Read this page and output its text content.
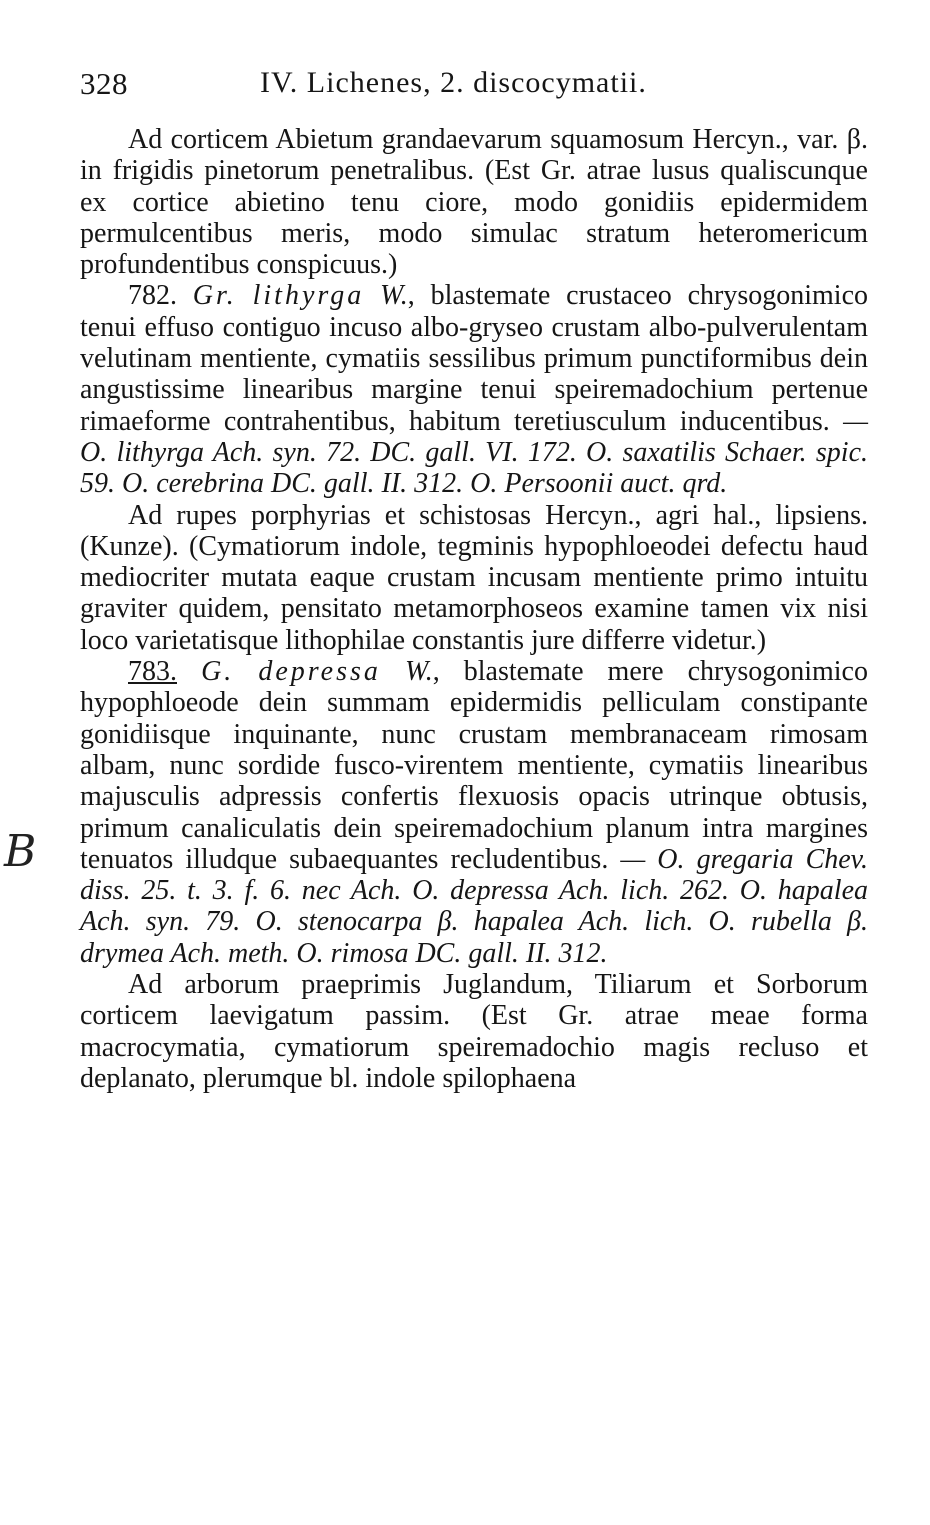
328	IV. Lichenes, 2. discocymatii.
B

Ad corticem Abietum grandaevarum squamosum Hercyn., var. β. in frigidis pinetorum penetralibus. (Est Gr. atrae lusus qualiscunque ex cortice abietino tenu ciore, modo gonidiis epidermidem permulcentibus meris, modo simulac stratum heteromericum profundentibus conspicuus.)

782. Gr. lithyrga W., blastemate crustaceo chrysogonimico tenui effuso contiguo incuso albo-gryseo crustam albo-pulverulentam velutinam mentiente, cymatiis sessilibus primum punctiformibus dein angustissime linearibus margine tenui speiremadochium pertenue rimaeforme contrahentibus, habitum teretiusculum inducentibus. — O. lithyrga Ach. syn. 72. DC. gall. VI. 172. O. saxatilis Schaer. spic. 59. O. cerebrina DC. gall. II. 312. O. Persoonii auct. qrd.

Ad rupes porphyrias et schistosas Hercyn., agri hal., lipsiens. (Kunze). (Cymatiorum indole, tegminis hypophloeodei defectu haud mediocriter mutata eaque crustam incusam mentiente primo intuitu graviter quidem, pensitato metamorphoseos examine tamen vix nisi loco varietatisque lithophilae constantis jure differre videtur.)

783. G. depressa W., blastemate mere chrysogonimico hypophloeode dein summam epidermidis pelliculam constipante gonidiisque inquinante, nunc crustam membranaceam rimosam albam, nunc sordide fusco-virentem mentiente, cymatiis linearibus majusculis adpressis confertis flexuosis opacis utrinque obtusis, primum canaliculatis dein speiremadochium planum intra margines tenuatos illudque subaequantes recludentibus. — O. gregaria Chev. diss. 25. t. 3. f. 6. nec Ach. O. depressa Ach. lich. 262. O. hapalea Ach. syn. 79. O. stenocarpa β. hapalea Ach. lich. O. rubella β. drymea Ach. meth. O. rimosa DC. gall. II. 312.

Ad arborum praeprimis Juglandum, Tiliarum et Sorborum corticem laevigatum passim. (Est Gr. atrae meae forma macrocymatia, cymatiorum speiremadochio magis recluso et deplanato, plerumque bl. indole spilophaena
